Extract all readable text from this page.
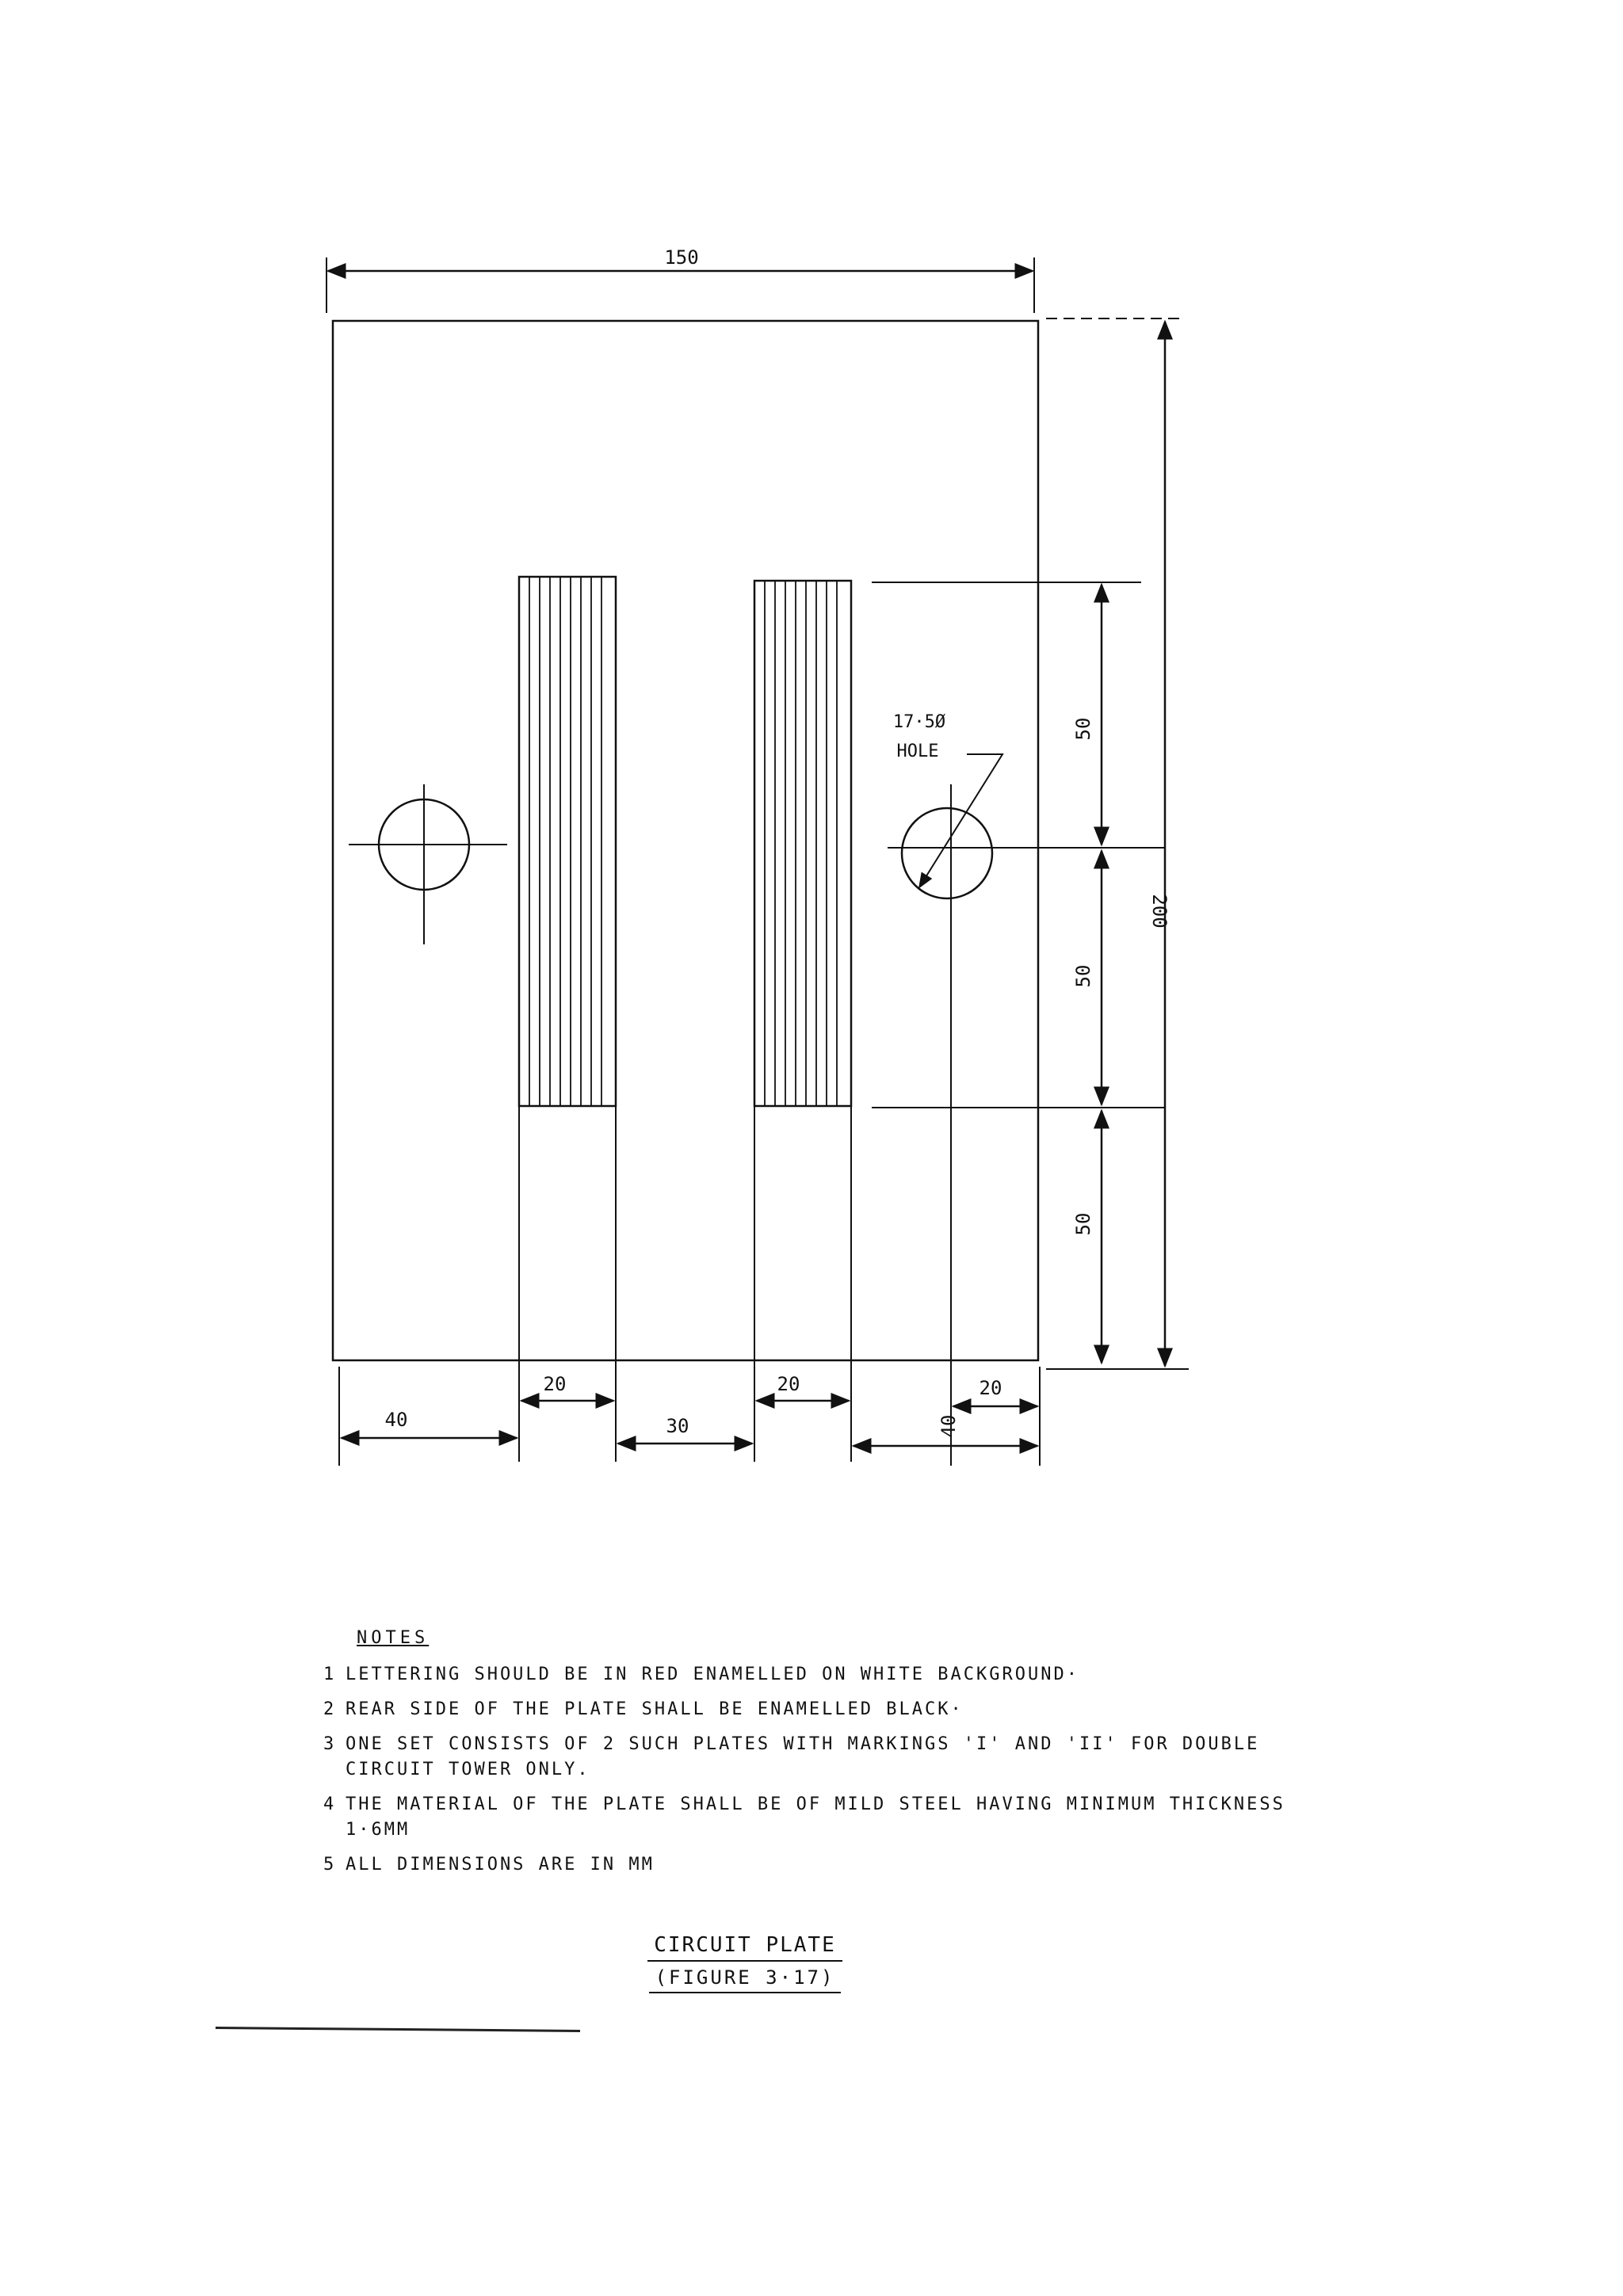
150
200
50
50
50
20	20	20
40	30	40
17·5Ø
HOLE
NOTES
1 LETTERING SHOULD BE IN RED ENAMELLED ON WHITE BACKGROUND·
2 REAR SIDE OF THE PLATE SHALL BE ENAMELLED BLACK·
3 ONE SET CONSISTS OF 2 SUCH PLATES WITH MARKINGS 'I' AND 'II' FOR DOUBLE CIRCUIT TOWER ONLY.
4 THE MATERIAL OF THE PLATE SHALL BE OF MILD STEEL HAVING MINIMUM THICKNESS 1·6MM
5 ALL DIMENSIONS ARE IN MM
CIRCUIT PLATE
(FIGURE 3·17)
